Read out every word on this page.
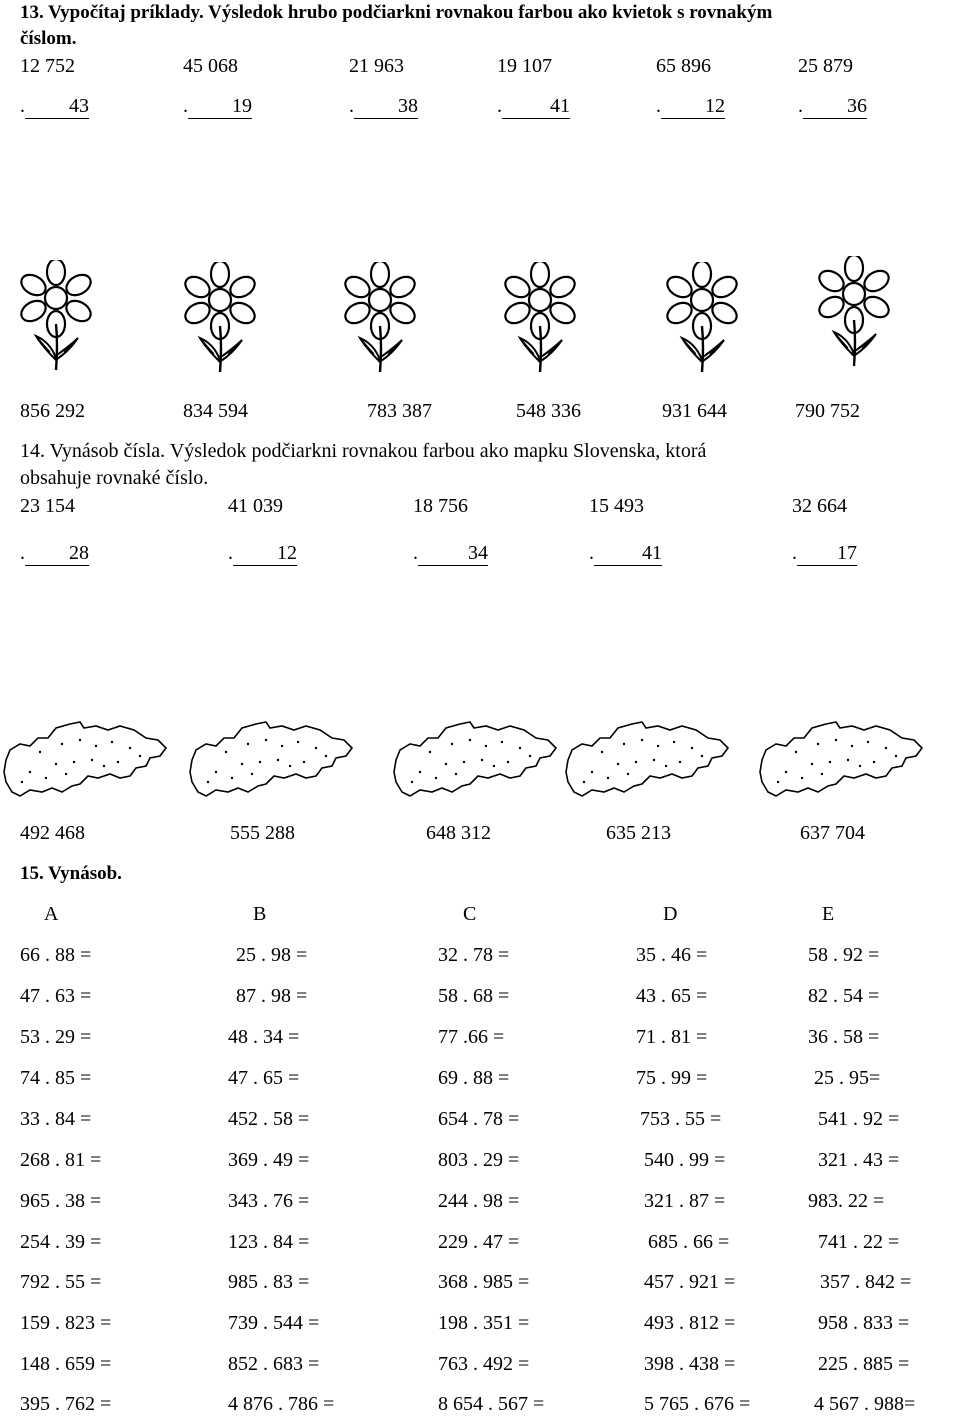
13. Vypočítaj príklady. Výsledok hrubo podčiarkni rovnakou farbou ako kvietok s rovnakým
číslom.
12 752	45 068	21 963	19 107	65 896	25 879
. 43	. 19	. 38	. 41	. 12	. 36
856 292	834 594	783 387	548 336	931 644	790 752
14. Vynásob čísla. Výsledok podčiarkni rovnakou farbou ako mapku Slovenska, ktorá
obsahuje rovnaké číslo.
23 154	41 039	18 756	15 493	32 664
. 28	. 12	.	34	. 41	. 17
492 468	555 288	648 312	635 213	637 704
15. Vynásob.
A	B	C	D	E
66 . 88 =	25 . 98 =	32 . 78 =	35 . 46 =	58 . 92 =
47 . 63 =	87 . 98 =	58 . 68 =	43 . 65 =	82 . 54 =
53 . 29 =	48 . 34 =	77 .66 =	71 . 81 =	36 . 58 =
74 . 85 =	47 . 65 =	69 . 88 =	75 . 99 =	25 . 95=
33 . 84 =	452 . 58 =	654 . 78 =	753 . 55 =	541 . 92 =
268 . 81 =	369 . 49 =	803 . 29 =	540 . 99 =	321 . 43 =
965 . 38 =	343 . 76 =	244 . 98 =	321 . 87 =	983. 22 =
254 . 39 =	123 . 84 =	229 . 47 =	685 . 66 =	741 . 22 =
792 . 55 =	985 . 83 =	368 . 985 =	457 . 921 =	357 . 842 =
159 . 823 =	739 . 544 =	198 . 351 =	493 . 812 =	958 . 833 =
148 . 659 =	852 . 683 =	763 . 492 =	398 . 438 =	225 . 885 =
395 . 762 =	4 876 . 786 =	8 654 . 567 =	5 765 . 676 =	4 567 . 988=
